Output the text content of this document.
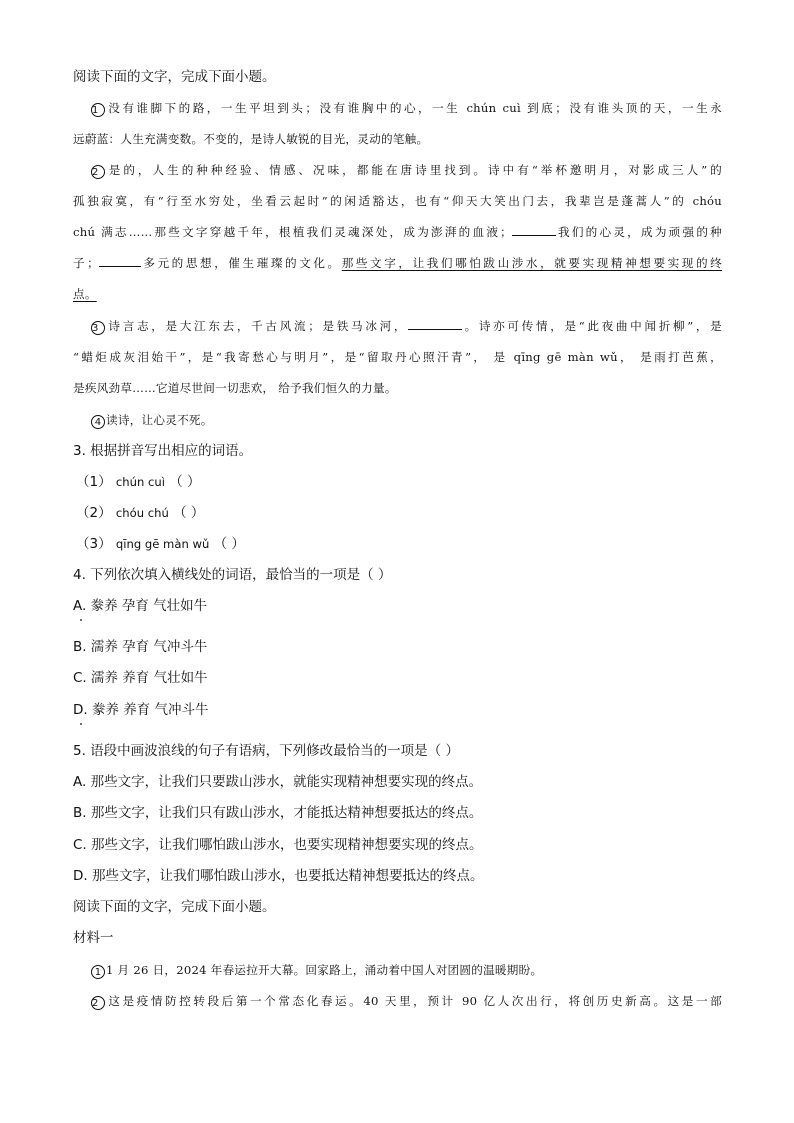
阅读下面的文字，完成下面小题。
1 没有谁脚下的路，一生平坦到头；没有谁胸中的心，一生 chún cuì 到底；没有谁头顶的天，一生永
远蔚蓝：人生充满变数。不变的，是诗人敏锐的目光，灵动的笔触。
2 是的，人生的种种经验、情感、况味，都能在唐诗里找到。诗中有“举杯邀明月，对影成三人”的
孤独寂寞，有“行至水穷处，坐看云起时”的闲适豁达，也有“仰天大笑出门去，我辈岂是蓬蒿人”的 chóu
chú 满志……那些文字穿越千年，根植我们灵魂深处，成为澎湃的血液；	我们的心灵，成为顽强的种
子；	多元的思想，催生璀璨的文化。那些文字，让我们哪怕跋山涉水，就要实现精神想要实现的终
点。
3 诗言志，是大江东去，千古风流；是铁马冰河，	。诗亦可传情，是“此夜曲中闻折柳”，是
“蜡炬成灰泪始干”，是“我寄愁心与明月”，是“留取丹心照汗青”， 是 qīng gē màn wǔ， 是雨打芭蕉，
是疾风劲草……它道尽世间一切悲欢， 给予我们恒久的力量。
4 读诗，让心灵不死。
3. 根据拼音写出相应的词语。
（1） chún cuì （ ）
（2） chóu chú （ ）
（3） qīng gē màn wǔ （ ）
4. 下列依次填入横线处的词语，最恰当的一项是（ ）
A. 豢养 孕育 气壮如牛
B. 濡养 孕育 气冲斗牛
C. 濡养 养育 气壮如牛
D. 豢养 养育 气冲斗牛
5. 语段中画波浪线的句子有语病，下列修改最恰当的一项是（ ）
A. 那些文字，让我们只要跋山涉水，就能实现精神想要实现的终点。
B. 那些文字，让我们只有跋山涉水，才能抵达精神想要抵达的终点。
C. 那些文字，让我们哪怕跋山涉水，也要实现精神想要实现的终点。
D. 那些文字，让我们哪怕跋山涉水，也要抵达精神想要抵达的终点。
阅读下面的文字，完成下面小题。
材料一
1 1 月 26 日，2024 年春运拉开大幕。回家路上，涌动着中国人对团圆的温暖期盼。
2 这是疫情防控转段后第一个常态化春运。40 天里，预计 90 亿人次出行，将创历史新高。这是一部
